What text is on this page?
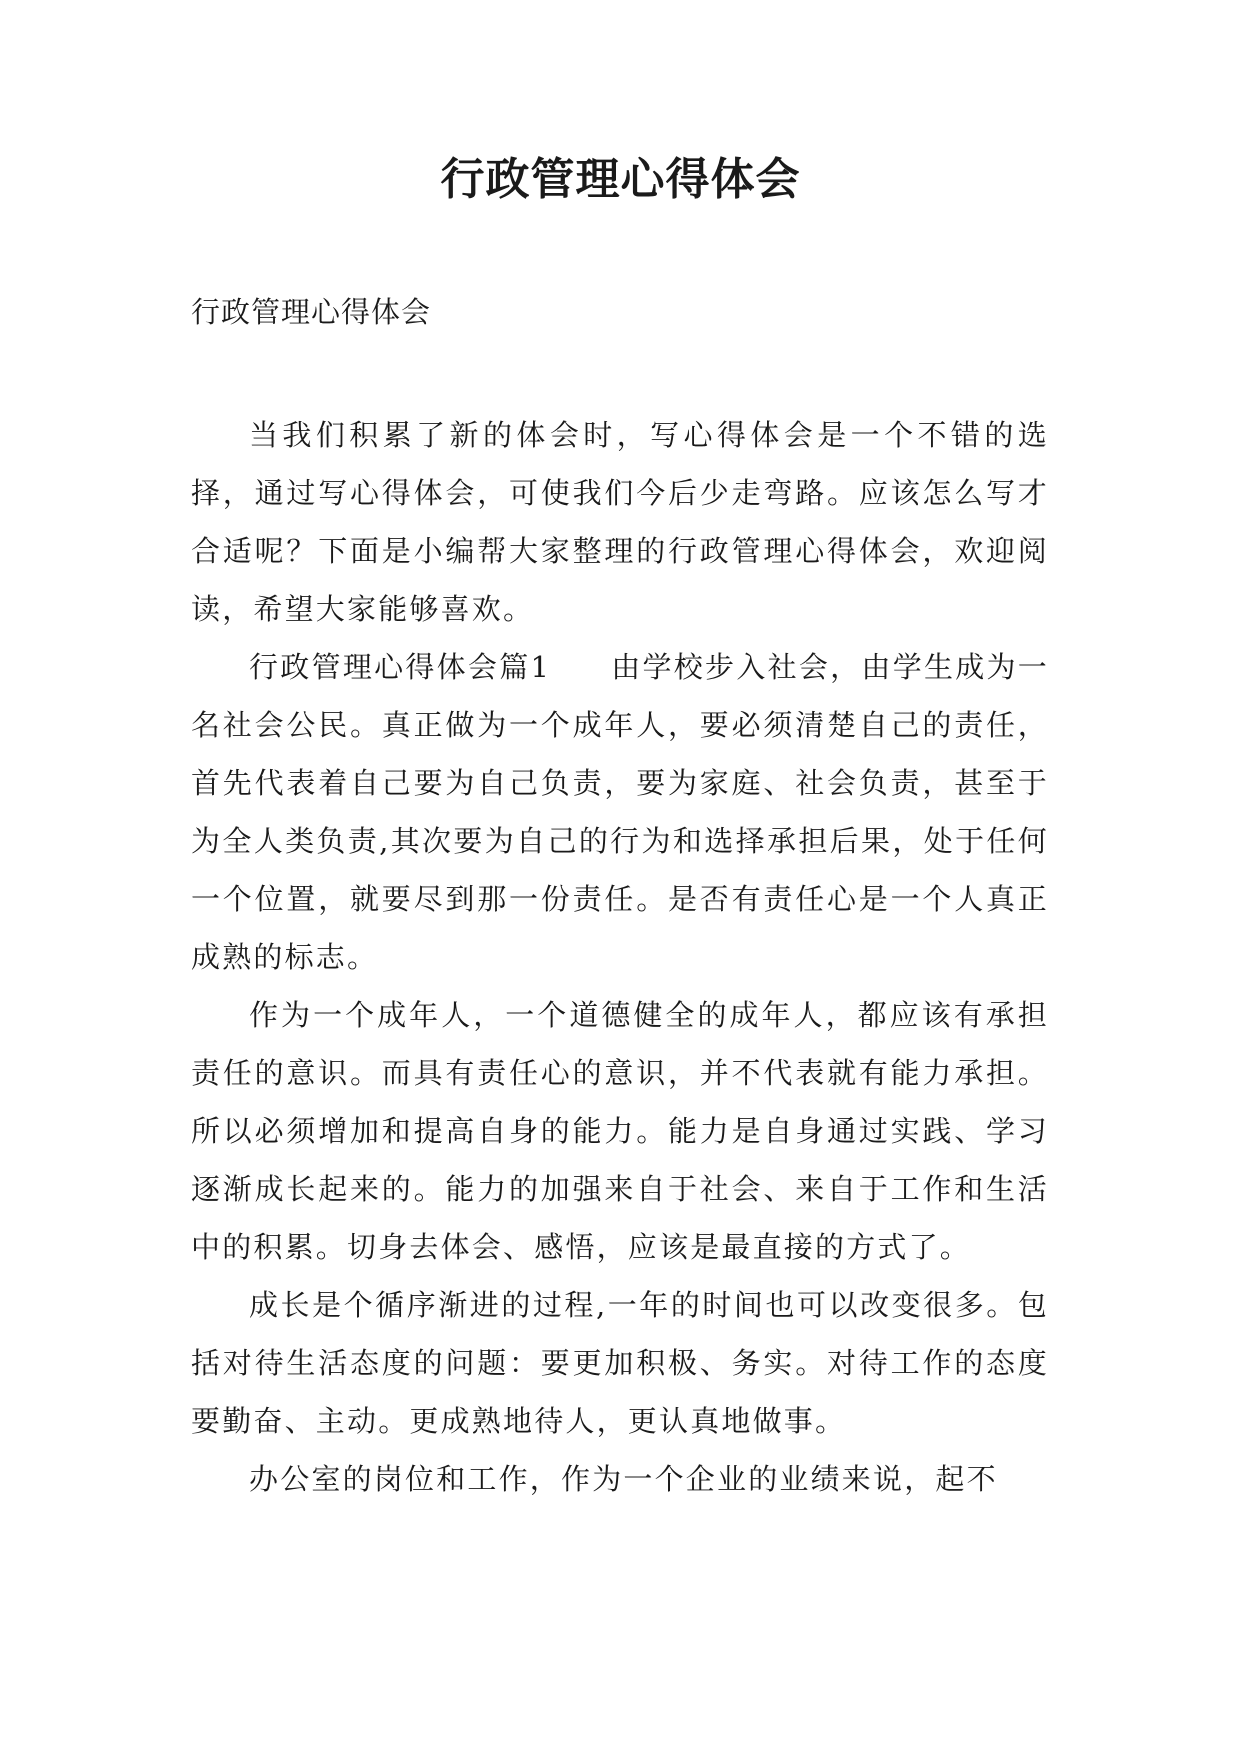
行政管理心得体会

行政管理心得体会

当我们积累了新的体会时，写心得体会是一个不错的选择，通过写心得体会，可使我们今后少走弯路。应该怎么写才合适呢？下面是小编帮大家整理的行政管理心得体会，欢迎阅读，希望大家能够喜欢。

行政管理心得体会篇1 由学校步入社会，由学生成为一名社会公民。真正做为一个成年人，要必须清楚自己的责任，首先代表着自己要为自己负责，要为家庭、社会负责，甚至于为全人类负责,其次要为自己的行为和选择承担后果，处于任何一个位置，就要尽到那一份责任。是否有责任心是一个人真正成熟的标志。

作为一个成年人，一个道德健全的成年人，都应该有承担责任的意识。而具有责任心的意识，并不代表就有能力承担。所以必须增加和提高自身的能力。能力是自身通过实践、学习逐渐成长起来的。能力的加强来自于社会、来自于工作和生活中的积累。切身去体会、感悟，应该是最直接的方式了。

成长是个循序渐进的过程,一年的时间也可以改变很多。包括对待生活态度的问题：要更加积极、务实。对待工作的态度要勤奋、主动。更成熟地待人，更认真地做事。

办公室的岗位和工作，作为一个企业的业绩来说，起不
